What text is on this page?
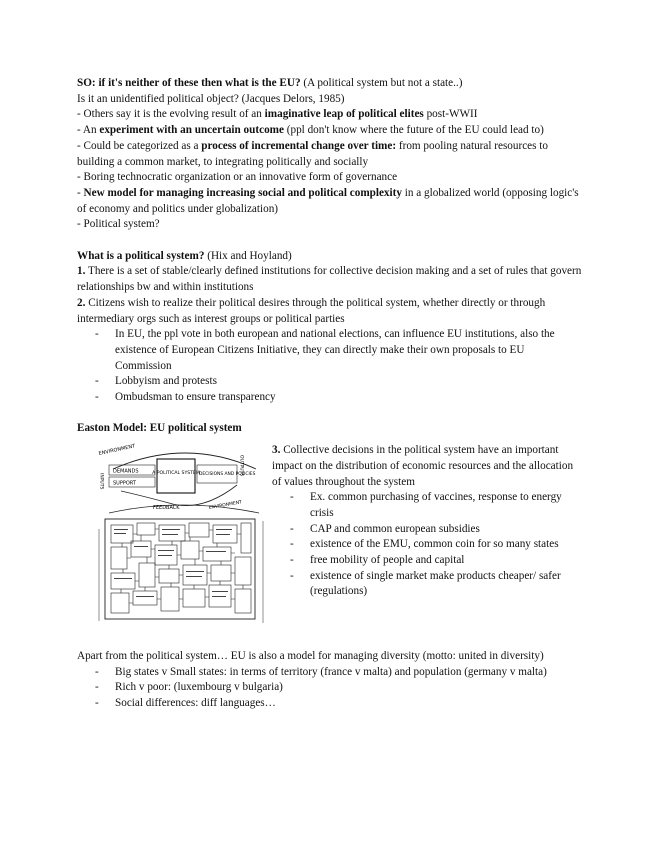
SO: if it's neither of these then what is the EU? (A political system but not a state..)
Is it an unidentified political object? (Jacques Delors, 1985)
- Others say it is the evolving result of an imaginative leap of political elites post-WWII
- An experiment with an uncertain outcome (ppl don't know where the future of the EU could lead to)
- Could be categorized as a process of incremental change over time: from pooling natural resources to building a common market, to integrating politically and socially
- Boring technocratic organization or an innovative form of governance
- New model for managing increasing social and political complexity in a globalized world (opposing logic's of economy and politics under globalization)
- Political system?
What is a political system? (Hix and Hoyland)
1. There is a set of stable/clearly defined institutions for collective decision making and a set of rules that govern relationships bw and within institutions
2. Citizens wish to realize their political desires through the political system, whether directly or through intermediary orgs such as interest groups or political parties
- In EU, the ppl vote in both european and national elections, can influence EU institutions, also the existence of European Citizens Initiative, they can directly make their own proposals to EU Commission
- Lobbyism and protests
- Ombudsman to ensure transparency
Easton Model: EU political system
ENVIRONMENT
INPUTS
DEMANDS
SUPPORT
A POLITICAL SYSTEM DECISIONS AND POLICIES
OUTPUTS
FEEDBACK	ENVIRONMENT
3. Collective decisions in the political system have an important impact on the distribution of economic resources and the allocation of values throughout the system
- Ex. common purchasing of vaccines, response to energy crisis
- CAP and common european subsidies
- existence of the EMU, common coin for so many states
- free mobility of people and capital
- existence of single market make products cheaper/ safer (regulations)
Apart from the political system… EU is also a model for managing diversity (motto: united in diversity)
- Big states v Small states: in terms of territory (france v malta) and population (germany v malta)
- Rich v poor: (luxembourg v bulgaria)
- Social differences: diff languages…
